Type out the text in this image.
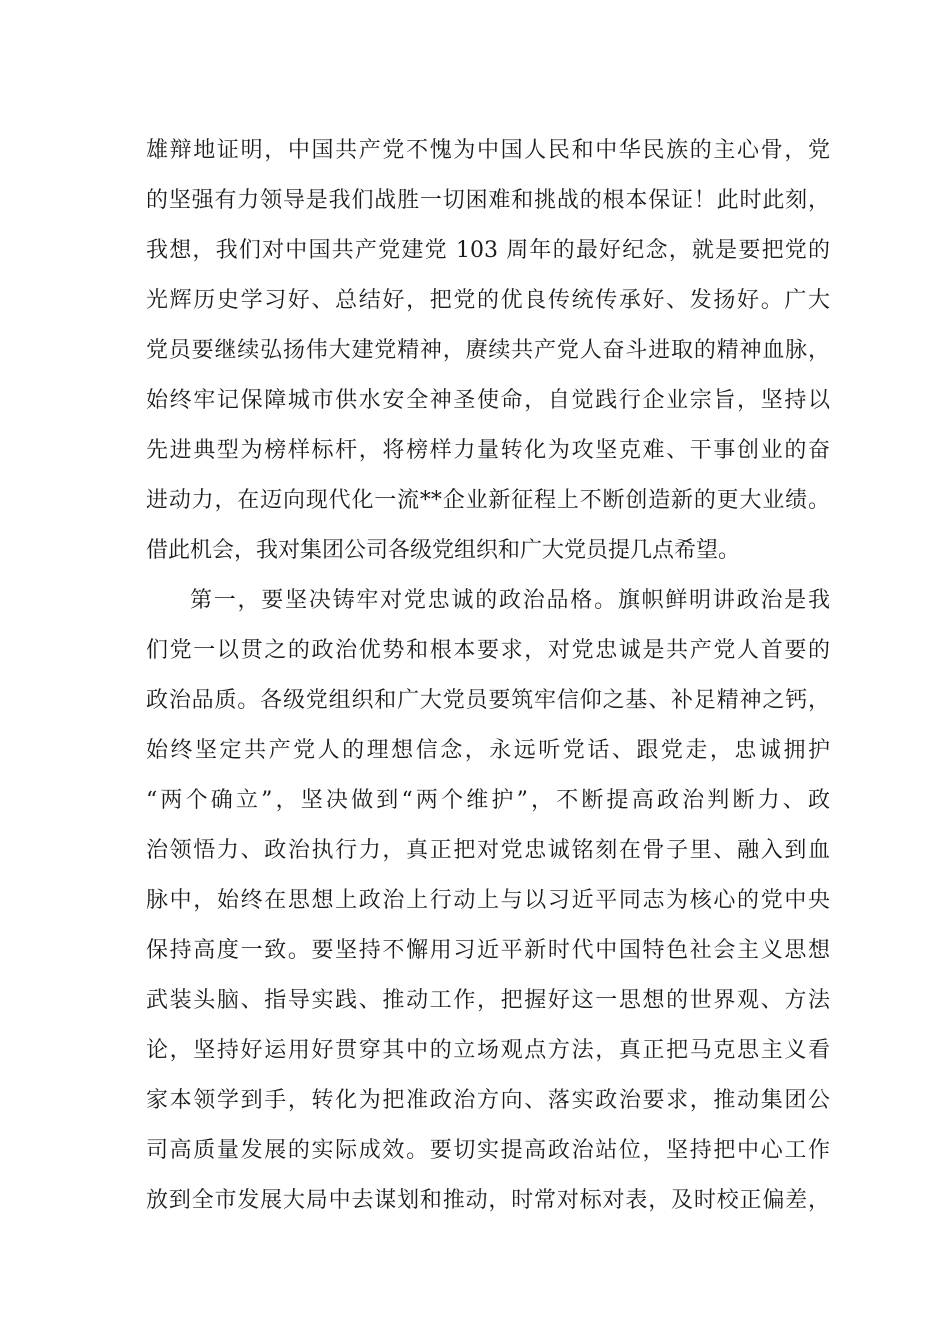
雄辩地证明，中国共产党不愧为中国人民和中华民族的主心骨，党
的坚强有力领导是我们战胜一切困难和挑战的根本保证！此时此刻，
我想，我们对中国共产党建党 103 周年的最好纪念，就是要把党的
光辉历史学习好、总结好，把党的优良传统传承好、发扬好。广大
党员要继续弘扬伟大建党精神，赓续共产党人奋斗进取的精神血脉，
始终牢记保障城市供水安全神圣使命，自觉践行企业宗旨，坚持以
先进典型为榜样标杆，将榜样力量转化为攻坚克难、干事创业的奋
进动力，在迈向现代化一流**企业新征程上不断创造新的更大业绩。
借此机会，我对集团公司各级党组织和广大党员提几点希望。
第一，要坚决铸牢对党忠诚的政治品格。旗帜鲜明讲政治是我
们党一以贯之的政治优势和根本要求，对党忠诚是共产党人首要的
政治品质。各级党组织和广大党员要筑牢信仰之基、补足精神之钙，
始终坚定共产党人的理想信念，永远听党话、跟党走，忠诚拥护
“两个确立”，坚决做到“两个维护”，不断提高政治判断力、政
治领悟力、政治执行力，真正把对党忠诚铭刻在骨子里、融入到血
脉中，始终在思想上政治上行动上与以习近平同志为核心的党中央
保持高度一致。要坚持不懈用习近平新时代中国特色社会主义思想
武装头脑、指导实践、推动工作，把握好这一思想的世界观、方法
论，坚持好运用好贯穿其中的立场观点方法，真正把马克思主义看
家本领学到手，转化为把准政治方向、落实政治要求，推动集团公
司高质量发展的实际成效。要切实提高政治站位，坚持把中心工作
放到全市发展大局中去谋划和推动，时常对标对表，及时校正偏差，
